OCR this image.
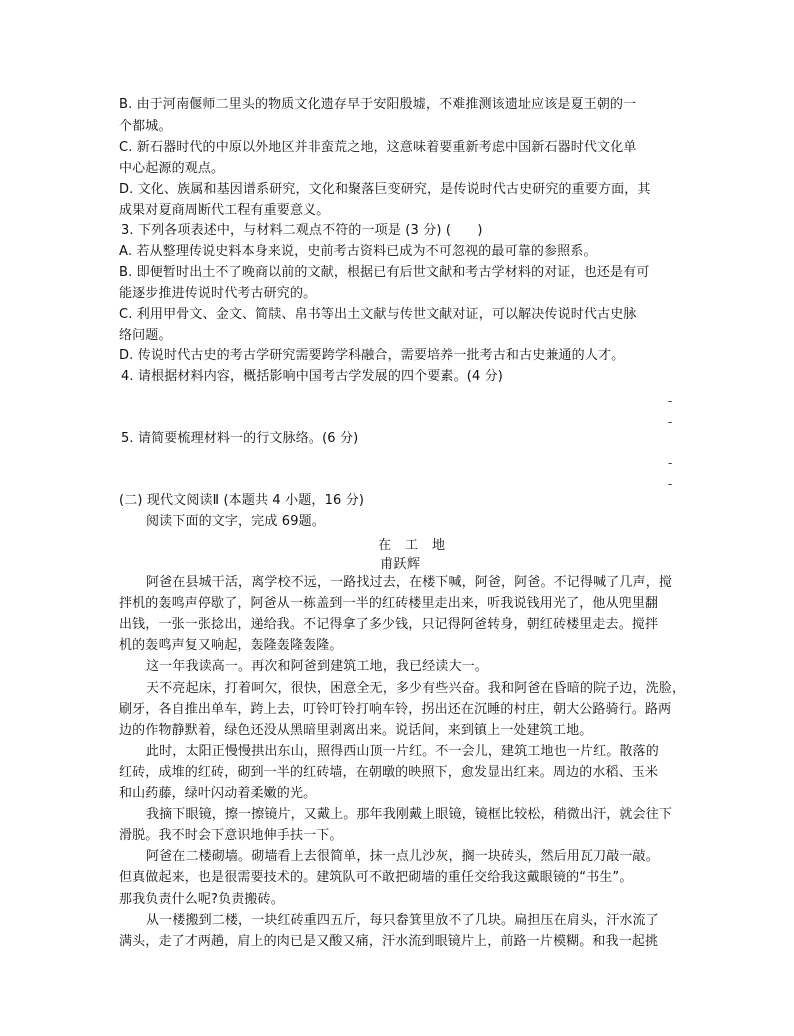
B. 由于河南偃师二里头的物质文化遗存早于安阳殷墟，不难推测该遗址应该是夏王朝的一
个都城。
C. 新石器时代的中原以外地区并非蛮荒之地，这意味着要重新考虑中国新石器时代文化单
中心起源的观点。
D. 文化、族属和基因谱系研究，文化和聚落巨变研究，是传说时代古史研究的重要方面，其
成果对夏商周断代工程有重要意义。
3. 下列各项表述中，与材料二观点不符的一项是 (3 分) (　　)
A. 若从整理传说史料本身来说，史前考古资料已成为不可忽视的最可靠的参照系。
B. 即便暂时出土不了晚商以前的文献，根据已有后世文献和考古学材料的对证，也还是有可
能逐步推进传说时代考古研究的。
C. 利用甲骨文、金文、简牍、帛书等出土文献与传世文献对证，可以解决传说时代古史脉
络问题。
D. 传说时代古史的考古学研究需要跨学科融合，需要培养一批考古和古史兼通的人才。
4. 请根据材料内容，概括影响中国考古学发展的四个要素。(4 分)
-
-
5. 请简要梳理材料一的行文脉络。(6 分)
-
-
(二) 现代文阅读Ⅱ (本题共 4 小题，16 分)
阅读下面的文字，完成 69题。
在　工　地
甫跃辉
阿爸在县城干活，离学校不远，一路找过去，在楼下喊，阿爸，阿爸。不记得喊了几声，搅
拌机的轰鸣声停歇了，阿爸从一栋盖到一半的红砖楼里走出来，听我说钱用光了，他从兜里翻
出钱，一张一张捻出，递给我。不记得拿了多少钱，只记得阿爸转身，朝红砖楼里走去。搅拌
机的轰鸣声复又响起，轰隆轰隆轰隆。
这一年我读高一。再次和阿爸到建筑工地，我已经读大一。
天不亮起床，打着呵欠，很快，困意全无，多少有些兴奋。我和阿爸在昏暗的院子边，洗脸，
刷牙，各自推出单车，跨上去，叮铃叮铃打响车铃，拐出还在沉睡的村庄，朝大公路骑行。路两
边的作物静默着，绿色还没从黑暗里剥离出来。说话间，来到镇上一处建筑工地。
此时，太阳正慢慢拱出东山，照得西山顶一片红。不一会儿，建筑工地也一片红。散落的
红砖，成堆的红砖，砌到一半的红砖墙，在朝暾的映照下，愈发显出红来。周边的水稻、玉米
和山药藤，绿叶闪动着柔嫩的光。
我摘下眼镜，擦一擦镜片，又戴上。那年我刚戴上眼镜，镜框比较松，稍微出汗，就会往下
滑脱。我不时会下意识地伸手扶一下。
阿爸在二楼砌墙。砌墙看上去很简单，抹一点儿沙灰，搁一块砖头，然后用瓦刀敲一敲。
但真做起来，也是很需要技术的。建筑队可不敢把砌墙的重任交给我这戴眼镜的“书生”。
那我负责什么呢?负责搬砖。
从一楼搬到二楼，一块红砖重四五斤，每只畚箕里放不了几块。扁担压在肩头，汗水流了
满头，走了才两趟，肩上的肉已是又酸又痛，汗水流到眼镜片上，前路一片模糊。和我一起挑
